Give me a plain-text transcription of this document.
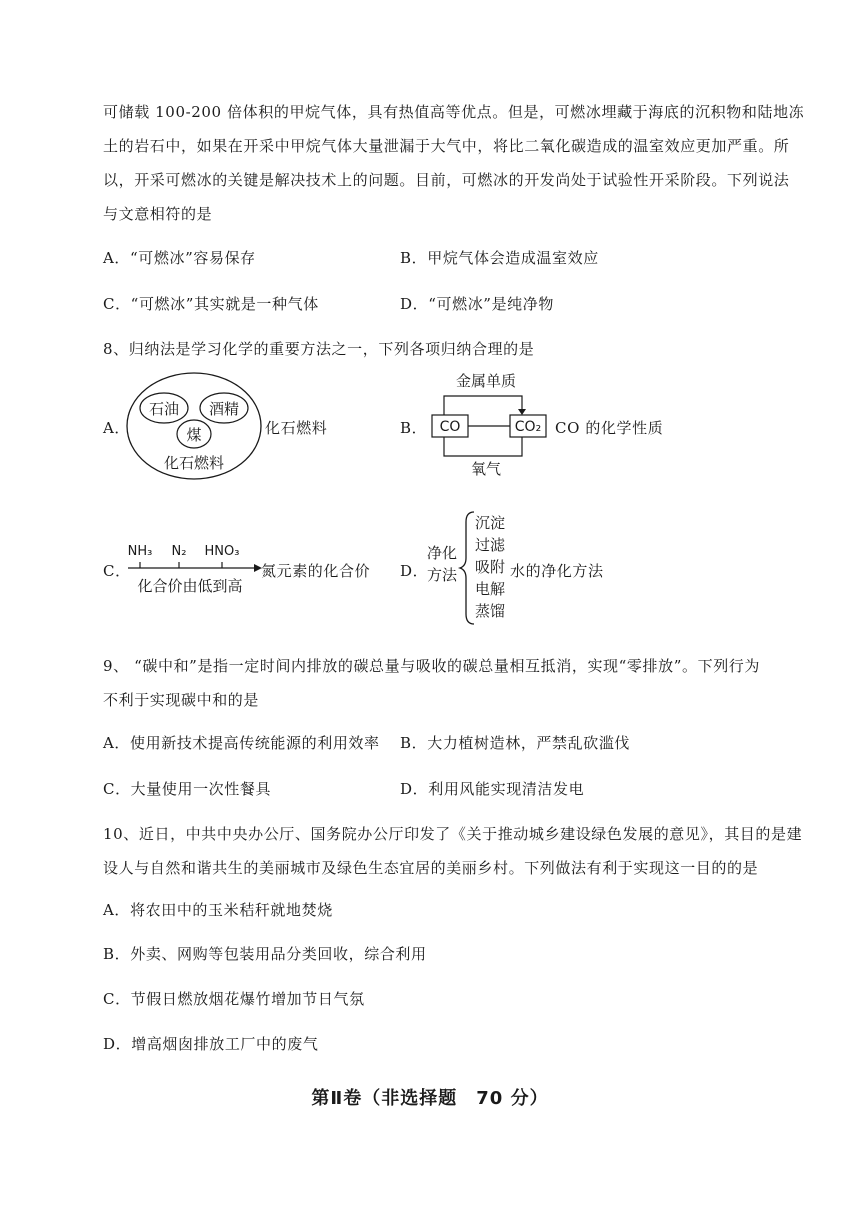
可储载 100-200 倍体积的甲烷气体，具有热值高等优点。但是，可燃冰埋藏于海底的沉积物和陆地冻
土的岩石中，如果在开采中甲烷气体大量泄漏于大气中，将比二氧化碳造成的温室效应更加严重。所
以，开采可燃冰的关键是解决技术上的问题。目前，可燃冰的开发尚处于试验性开采阶段。下列说法
与文意相符的是
A．“可燃冰”容易保存	B．甲烷气体会造成温室效应
C．“可燃冰”其实就是一种气体	D．“可燃冰”是纯净物
8、归纳法是学习化学的重要方法之一，下列各项归纳合理的是
A．
石油 酒精
煤
化石燃料
化石燃料	B．
金属单质
CO	CO₂
氧气
CO 的化学性质
C．
NH₃ N₂ HNO₃
化合价由低到高
氮元素的化合价 D．
净化
方法
沉淀
过滤
吸附
电解
蒸馏
水的净化方法
9、 “碳中和”是指一定时间内排放的碳总量与吸收的碳总量相互抵消，实现“零排放”。下列行为
不利于实现碳中和的是
A．使用新技术提高传统能源的利用效率 B．大力植树造林，严禁乱砍滥伐
C．大量使用一次性餐具	D．利用风能实现清洁发电
10、近日，中共中央办公厅、国务院办公厅印发了《关于推动城乡建设绿色发展的意见》，其目的是建
设人与自然和谐共生的美丽城市及绿色生态宜居的美丽乡村。下列做法有利于实现这一目的的是
A．将农田中的玉米秸秆就地焚烧
B．外卖、网购等包装用品分类回收，综合利用
C．节假日燃放烟花爆竹增加节日气氛
D．增高烟囱排放工厂中的废气
第Ⅱ卷（非选择题　70 分）
